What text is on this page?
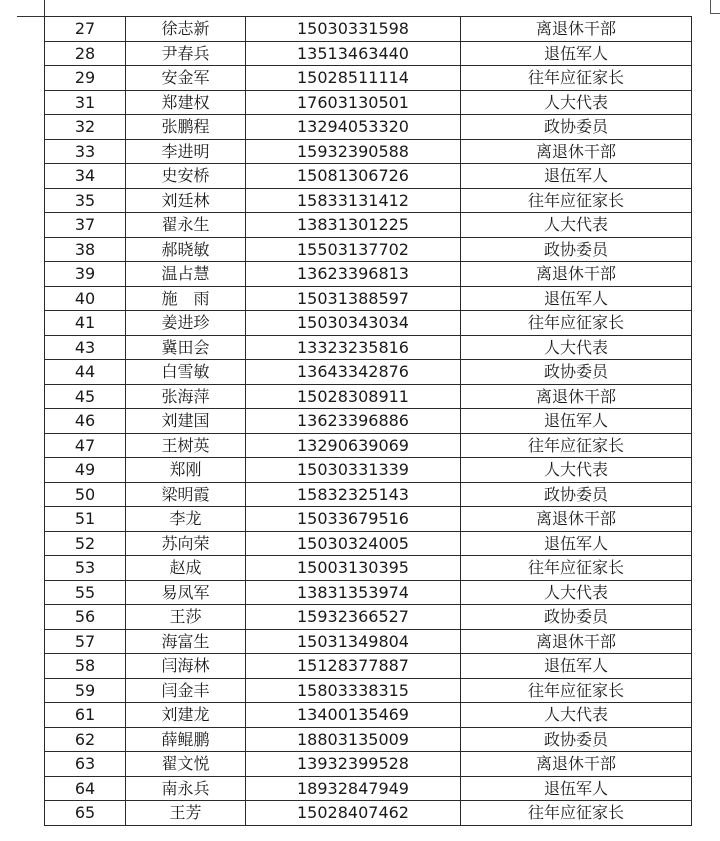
27	徐志新	15030331598	离退休干部
28	尹春兵	13513463440	退伍军人
29	安金军	15028511114	往年应征家长
31	郑建权	17603130501	人大代表
32	张鹏程	13294053320	政协委员
33	李进明	15932390588	离退休干部
34	史安桥	15081306726	退伍军人
35	刘廷林	15833131412	往年应征家长
37	翟永生	13831301225	人大代表
38	郝晓敏	15503137702	政协委员
39	温占慧	13623396813	离退休干部
40	施　雨	15031388597	退伍军人
41	姜进珍	15030343034	往年应征家长
43	冀田会	13323235816	人大代表
44	白雪敏	13643342876	政协委员
45	张海萍	15028308911	离退休干部
46	刘建国	13623396886	退伍军人
47	王树英	13290639069	往年应征家长
49	郑刚	15030331339	人大代表
50	梁明霞	15832325143	政协委员
51	李龙	15033679516	离退休干部
52	苏向荣	15030324005	退伍军人
53	赵成	15003130395	往年应征家长
55	易凤军	13831353974	人大代表
56	王莎	15932366527	政协委员
57	海富生	15031349804	离退休干部
58	闫海林	15128377887	退伍军人
59	闫金丰	15803338315	往年应征家长
61	刘建龙	13400135469	人大代表
62	薛鲲鹏	18803135009	政协委员
63	翟文悦	13932399528	离退休干部
64	南永兵	18932847949	退伍军人
65	王芳	15028407462	往年应征家长
